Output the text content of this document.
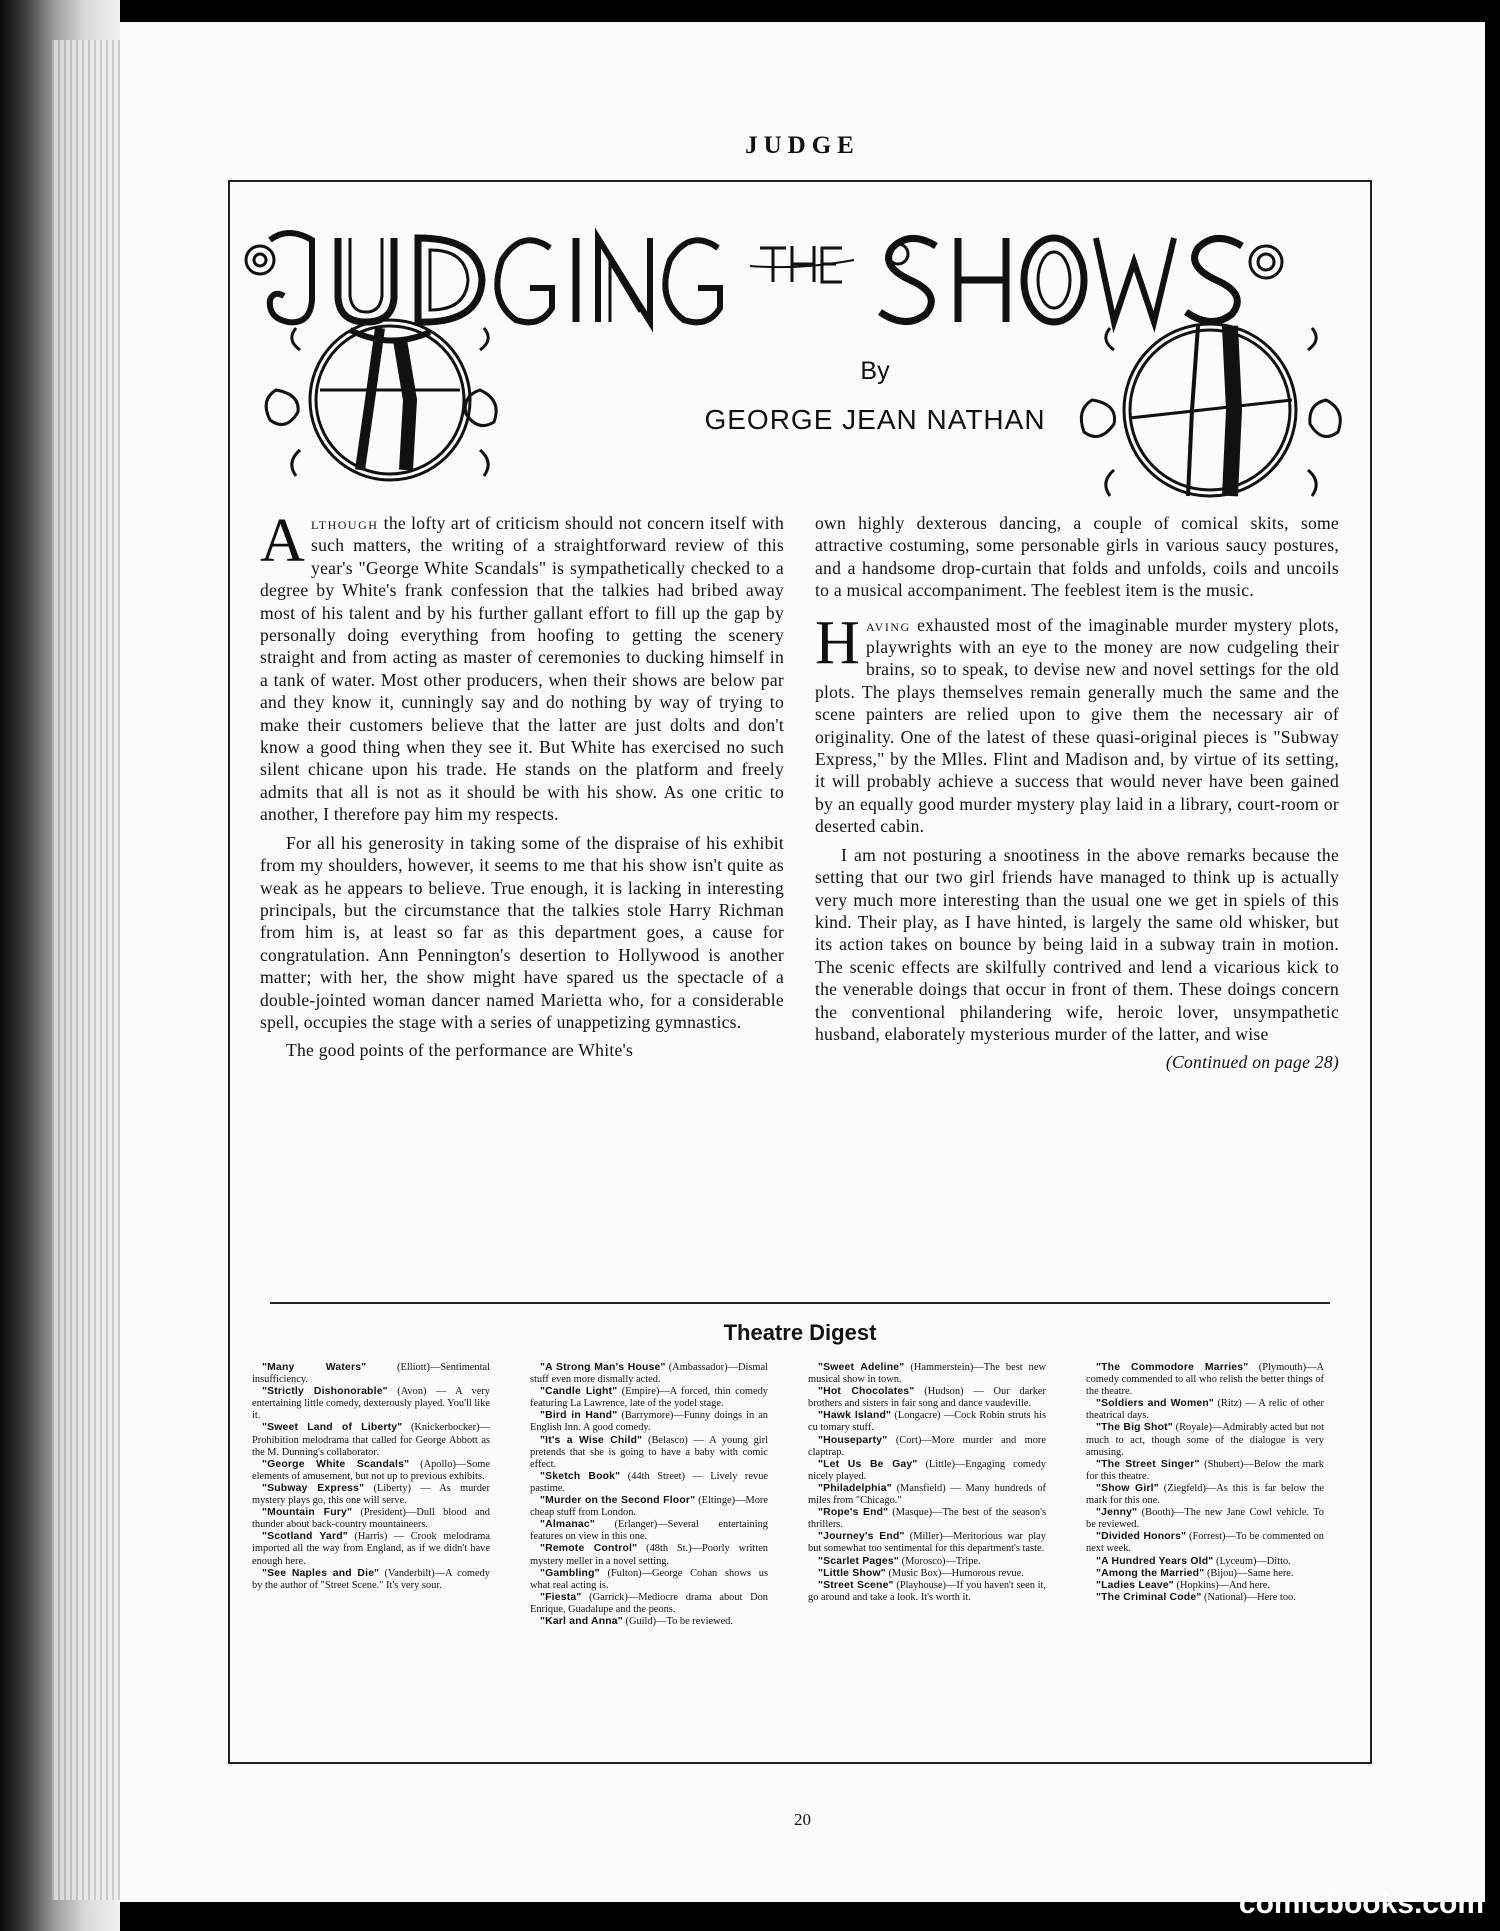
JUDGE
By
GEORGE JEAN NATHAN

Although the lofty art of criticism should not concern itself with such matters, the writing of a straightforward review of this year's "George White Scandals" is sympathetically checked to a degree by White's frank confession that the talkies had bribed away most of his talent and by his further gallant effort to fill up the gap by personally doing everything from hoofing to getting the scenery straight and from acting as master of ceremonies to ducking himself in a tank of water. Most other producers, when their shows are below par and they know it, cunningly say and do nothing by way of trying to make their customers believe that the latter are just dolts and don't know a good thing when they see it. But White has exercised no such silent chicane upon his trade. He stands on the platform and freely admits that all is not as it should be with his show. As one critic to another, I therefore pay him my respects.

For all his generosity in taking some of the dispraise of his exhibit from my shoulders, however, it seems to me that his show isn't quite as weak as he appears to believe. True enough, it is lacking in interesting principals, but the circumstance that the talkies stole Harry Richman from him is, at least so far as this department goes, a cause for congratulation. Ann Pennington's desertion to Hollywood is another matter; with her, the show might have spared us the spectacle of a double-jointed woman dancer named Marietta who, for a considerable spell, occupies the stage with a series of unappetizing gymnastics.

The good points of the performance are White's

own highly dexterous dancing, a couple of comical skits, some attractive costuming, some personable girls in various saucy postures, and a handsome drop-curtain that folds and unfolds, coils and uncoils to a musical accompaniment. The feeblest item is the music.

Having exhausted most of the imaginable murder mystery plots, playwrights with an eye to the money are now cudgeling their brains, so to speak, to devise new and novel settings for the old plots. The plays themselves remain generally much the same and the scene painters are relied upon to give them the necessary air of originality. One of the latest of these quasi-original pieces is "Subway Express," by the Mlles. Flint and Madison and, by virtue of its setting, it will probably achieve a success that would never have been gained by an equally good murder mystery play laid in a library, court-room or deserted cabin.

I am not posturing a snootiness in the above remarks because the setting that our two girl friends have managed to think up is actually very much more interesting than the usual one we get in spiels of this kind. Their play, as I have hinted, is largely the same old whisker, but its action takes on bounce by being laid in a subway train in motion. The scenic effects are skilfully contrived and lend a vicarious kick to the venerable doings that occur in front of them. These doings concern the conventional philandering wife, heroic lover, unsympathetic husband, elaborately mysterious murder of the latter, and wise

(Continued on page 28)
Theatre Digest

"Many Waters" (Elliott)—Sentimental insufficiency.

"Strictly Dishonorable" (Avon) — A very entertaining little comedy, dexterously played. You'll like it.

"Sweet Land of Liberty" (Knickerbocker)—Prohibition melodrama that called for George Abbott as the M. Dunning's collaborator.

"George White Scandals" (Apollo)—Some elements of amusement, but not up to previous exhibits.

"Subway Express" (Liberty) — As murder mystery plays go, this one will serve.

"Mountain Fury" (President)—Dull blood and thunder about back-country mountaineers.

"Scotland Yard" (Harris) — Crook melodrama imported all the way from England, as if we didn't have enough here.

"See Naples and Die" (Vanderbilt)—A comedy by the author of "Street Scene." It's very sour.

"A Strong Man's House" (Ambassador)—Dismal stuff even more dismally acted.

"Candle Light" (Empire)—A forced, thin comedy featuring La Lawrence, late of the yodel stage.

"Bird in Hand" (Barrymore)—Funny doings in an English Inn. A good comedy.

"It's a Wise Child" (Belasco) — A young girl pretends that she is going to have a baby with comic effect.

"Sketch Book" (44th Street) — Lively revue pastime.

"Murder on the Second Floor" (Eltinge)—More cheap stuff from London.

"Almanac" (Erlanger)—Several entertaining features on view in this one.

"Remote Control" (48th St.)—Poorly written mystery meller in a novel setting.

"Gambling" (Fulton)—George Cohan shows us what real acting is.

"Fiesta" (Garrick)—Mediocre drama about Don Enrique, Guadalupe and the peons.

"Karl and Anna" (Guild)—To be reviewed.

"Sweet Adeline" (Hammerstein)—The best new musical show in town.

"Hot Chocolates" (Hudson) — Our darker brothers and sisters in fair song and dance vaudeville.

"Hawk Island" (Longacre) —Cock Robin struts his cu tomary stuff.

"Houseparty" (Cort)—More murder and more claptrap.

"Let Us Be Gay" (Little)—Engaging comedy nicely played.

"Philadelphia" (Mansfield) — Many hundreds of miles from "Chicago."

"Rope's End" (Masque)—The best of the season's thrillers.

"Journey's End" (Miller)—Meritorious war play but somewhat too sentimental for this department's taste.

"Scarlet Pages" (Morosco)—Tripe.

"Little Show" (Music Box)—Humorous revue.

"Street Scene" (Playhouse)—If you haven't seen it, go around and take a look. It's worth it.

"The Commodore Marries" (Plymouth)—A comedy commended to all who relish the better things of the theatre.

"Soldiers and Women" (Ritz) — A relic of other theatrical days.

"The Big Shot" (Royale)—Admirably acted but not much to act, though some of the dialogue is very amusing.

"The Street Singer" (Shubert)—Below the mark for this theatre.

"Show Girl" (Ziegfeld)—As this is far below the mark for this one.

"Jenny" (Booth)—The new Jane Cowl vehicle. To be reviewed.

"Divided Honors" (Forrest)—To be commented on next week.

"A Hundred Years Old" (Lyceum)—Ditto.

"Among the Married" (Bijou)—Same here.

"Ladies Leave" (Hopkins)—And here.

"The Criminal Code" (National)—Here too.

20
comicbooks.com
